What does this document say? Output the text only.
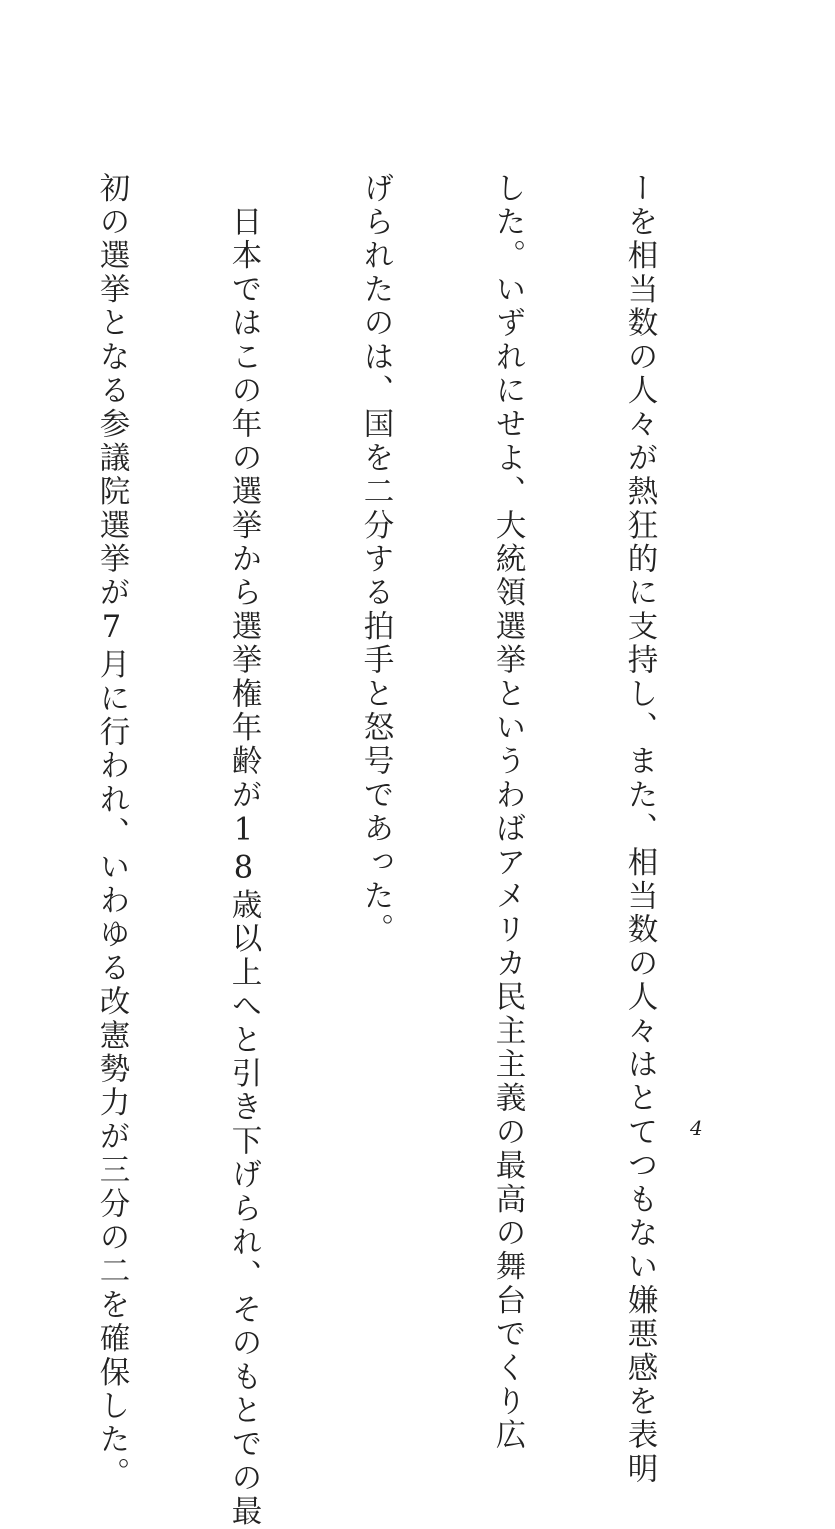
ーを相当数の人々が熱狂的に支持し、また、相当数の人々はとてつもない嫌悪感を表明

した。いずれにせよ、大統領選挙というわばアメリカ民主主義の最高の舞台でくり広

げられたのは、国を二分する拍手と怒号であった。

　日本ではこの年の選挙から選挙権年齢が18歳以上へと引き下げられ、そのもとでの最

初の選挙となる参議院選挙が7月に行われ、いわゆる改憲勢力が三分の二を確保した。

	4
